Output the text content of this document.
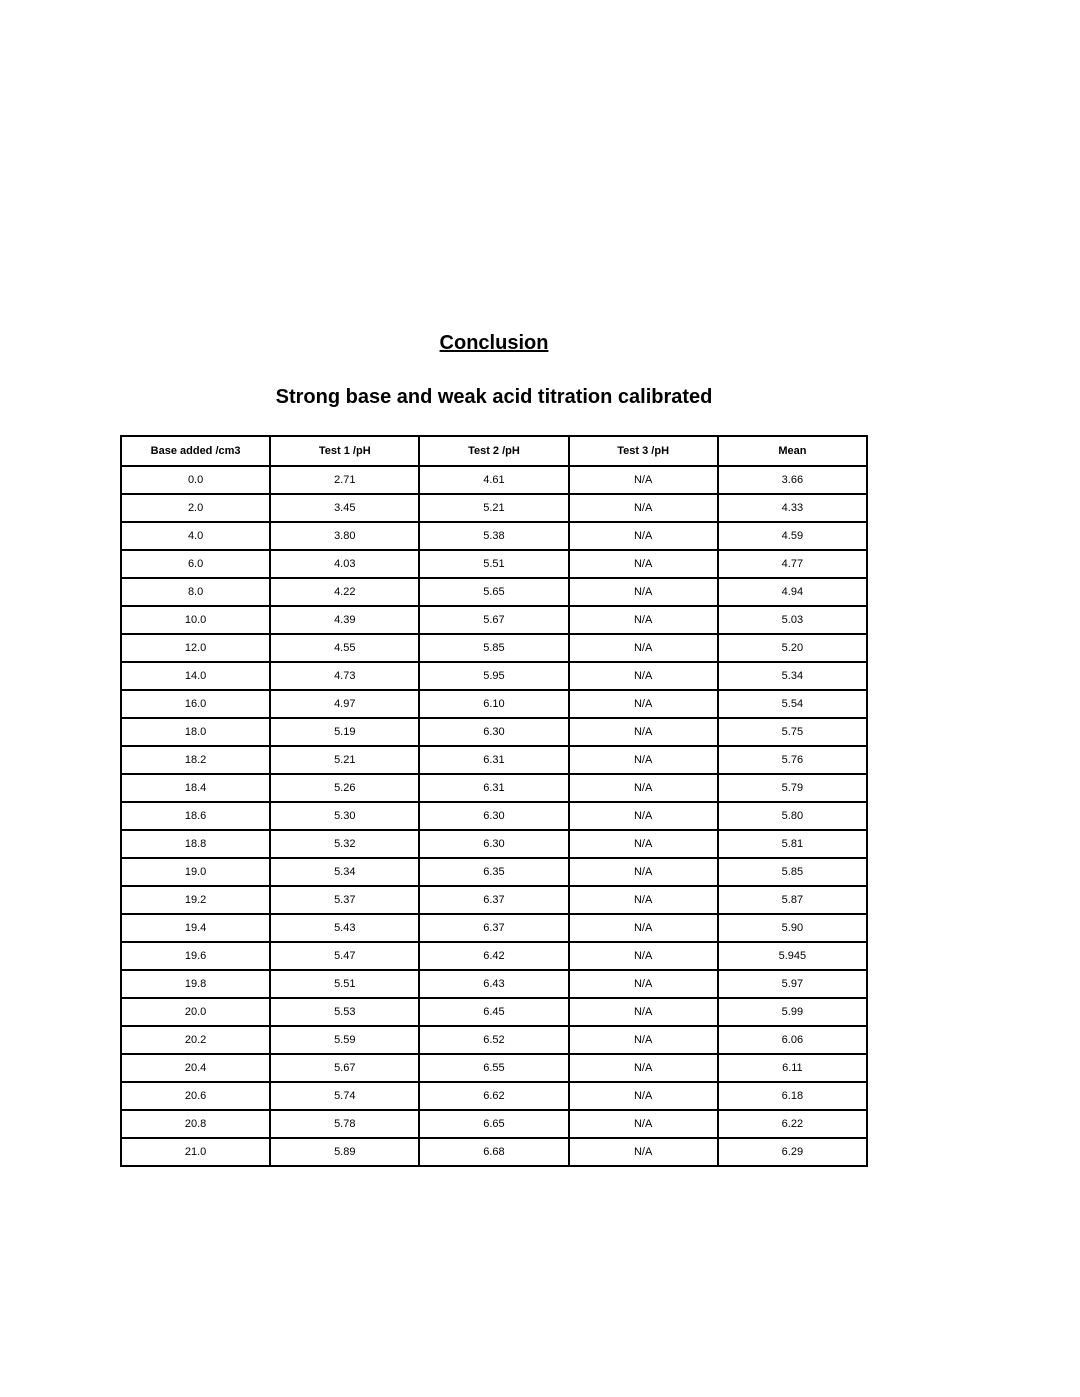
Conclusion
Strong base and weak acid titration calibrated
Base added /cm3	Test 1 /pH	Test 2 /pH	Test 3 /pH	Mean
0.0	2.71	4.61	N/A	3.66
2.0	3.45	5.21	N/A	4.33
4.0	3.80	5.38	N/A	4.59
6.0	4.03	5.51	N/A	4.77
8.0	4.22	5.65	N/A	4.94
10.0	4.39	5.67	N/A	5.03
12.0	4.55	5.85	N/A	5.20
14.0	4.73	5.95	N/A	5.34
16.0	4.97	6.10	N/A	5.54
18.0	5.19	6.30	N/A	5.75
18.2	5.21	6.31	N/A	5.76
18.4	5.26	6.31	N/A	5.79
18.6	5.30	6.30	N/A	5.80
18.8	5.32	6.30	N/A	5.81
19.0	5.34	6.35	N/A	5.85
19.2	5.37	6.37	N/A	5.87
19.4	5.43	6.37	N/A	5.90
19.6	5.47	6.42	N/A	5.945
19.8	5.51	6.43	N/A	5.97
20.0	5.53	6.45	N/A	5.99
20.2	5.59	6.52	N/A	6.06
20.4	5.67	6.55	N/A	6.11
20.6	5.74	6.62	N/A	6.18
20.8	5.78	6.65	N/A	6.22
21.0	5.89	6.68	N/A	6.29
